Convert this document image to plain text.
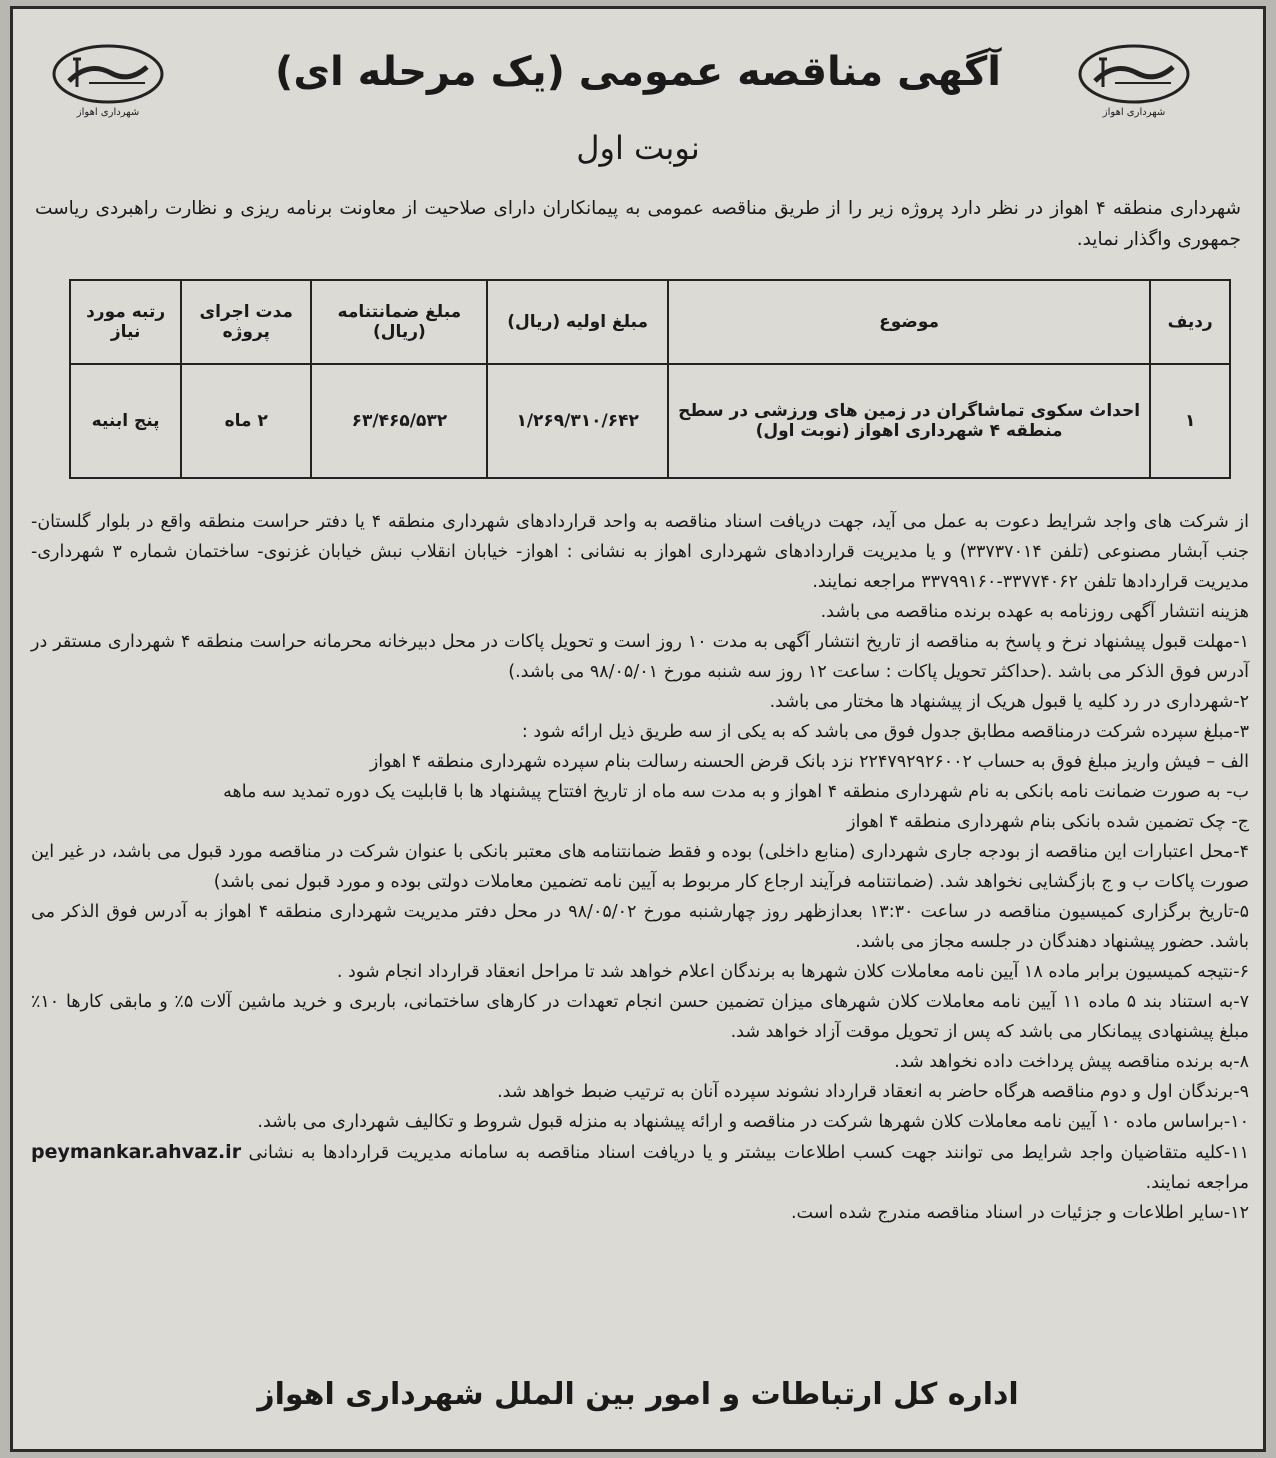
شهرداری اهواز	شهرداری اهواز
آگهی مناقصه عمومی (یک مرحله ای)
نوبت اول
شهرداری منطقه ۴ اهواز در نظر دارد پروژه زیر را از طریق مناقصه عمومی به پیمانکاران دارای صلاحیت از معاونت برنامه ریزی و نظارت راهبردی ریاست جمهوری واگذار نماید.
ردیف	موضوع	مبلغ اولیه (ریال)	مبلغ ضمانتنامه (ریال)	مدت اجرای پروژه	رتبه مورد نیاز
۱	احداث سکوی تماشاگران در زمین های ورزشی در سطح منطقه ۴ شهرداری اهواز (نوبت اول)	۱/۲۶۹/۳۱۰/۶۴۲	۶۳/۴۶۵/۵۳۲	۲ ماه	پنج ابنیه

از شرکت های واجد شرایط دعوت به عمل می آید، جهت دریافت اسناد مناقصه به واحد قراردادهای شهرداری منطقه ۴ یا دفتر حراست منطقه واقع در بلوار گلستان- جنب آبشار مصنوعی (تلفن ۳۳۷۳۷۰۱۴) و یا مدیریت قراردادهای شهرداری اهواز به نشانی : اهواز- خیابان انقلاب نبش خیابان غزنوی- ساختمان شماره ۳ شهرداری- مدیریت قراردادها تلفن ۳۳۷۷۴۰۶۲-۳۳۷۹۹۱۶۰ مراجعه نمایند.

هزینه انتشار آگهی روزنامه به عهده برنده مناقصه می باشد.

۱-مهلت قبول پیشنهاد نرخ و پاسخ به مناقصه از تاریخ انتشار آگهی به مدت ۱۰ روز است و تحویل پاکات در محل دبیرخانه محرمانه حراست منطقه ۴ شهرداری مستقر در آدرس فوق الذکر می باشد .(حداکثر تحویل پاکات : ساعت ۱۲ روز سه شنبه مورخ ۹۸/۰۵/۰۱ می باشد.)

۲-شهرداری در رد کلیه یا قبول هریک از پیشنهاد ها مختار می باشد.

۳-مبلغ سپرده شرکت درمناقصه مطابق جدول فوق می باشد که به یکی از سه طریق ذیل ارائه شود :

الف – فیش واریز مبلغ فوق به حساب ۲۲۴۷۹۲۹۲۶۰۰۲ نزد بانک قرض الحسنه رسالت بنام سپرده شهرداری منطقه ۴ اهواز

ب- به صورت ضمانت نامه بانکی به نام شهرداری منطقه ۴ اهواز و به مدت سه ماه از تاریخ افتتاح پیشنهاد ها با قابلیت یک دوره تمدید سه ماهه

ج- چک تضمین شده بانکی بنام شهرداری منطقه ۴ اهواز

۴-محل اعتبارات این مناقصه از بودجه جاری شهرداری (منابع داخلی) بوده و فقط ضمانتنامه های معتبر بانکی با عنوان شرکت در مناقصه مورد قبول می باشد، در غیر این صورت پاکات ب و ج بازگشایی نخواهد شد. (ضمانتنامه فرآیند ارجاع کار مربوط به آیین نامه تضمین معاملات دولتی بوده و مورد قبول نمی باشد)

۵-تاریخ برگزاری کمیسیون مناقصه در ساعت ۱۳:۳۰ بعدازظهر روز چهارشنبه مورخ ۹۸/۰۵/۰۲ در محل دفتر مدیریت شهرداری منطقه ۴ اهواز به آدرس فوق الذکر می باشد. حضور پیشنهاد دهندگان در جلسه مجاز می باشد.

۶-نتیجه کمیسیون برابر ماده ۱۸ آیین نامه معاملات کلان شهرها به برندگان اعلام خواهد شد تا مراحل انعقاد قرارداد انجام شود .

۷-به استناد بند ۵ ماده ۱۱ آیین نامه معاملات کلان شهرهای میزان تضمین حسن انجام تعهدات در کارهای ساختمانی، باربری و خرید ماشین آلات ۵٪ و مابقی کارها ۱۰٪ مبلغ پیشنهادی پیمانکار می باشد که پس از تحویل موقت آزاد خواهد شد.

۸-به برنده مناقصه پیش پرداخت داده نخواهد شد.

۹-برندگان اول و دوم مناقصه هرگاه حاضر به انعقاد قرارداد نشوند سپرده آنان به ترتیب ضبط خواهد شد.

۱۰-براساس ماده ۱۰ آیین نامه معاملات کلان شهرها شرکت در مناقصه و ارائه پیشنهاد به منزله قبول شروط و تکالیف شهرداری می باشد.

۱۱-کلیه متقاضیان واجد شرایط می توانند جهت کسب اطلاعات بیشتر و یا دریافت اسناد مناقصه به سامانه مدیریت قراردادها به نشانی peymankar.ahvaz.ir مراجعه نمایند.

۱۲-سایر اطلاعات و جزئیات در اسناد مناقصه مندرج شده است.

اداره کل ارتباطات و امور بین الملل شهرداری اهواز
